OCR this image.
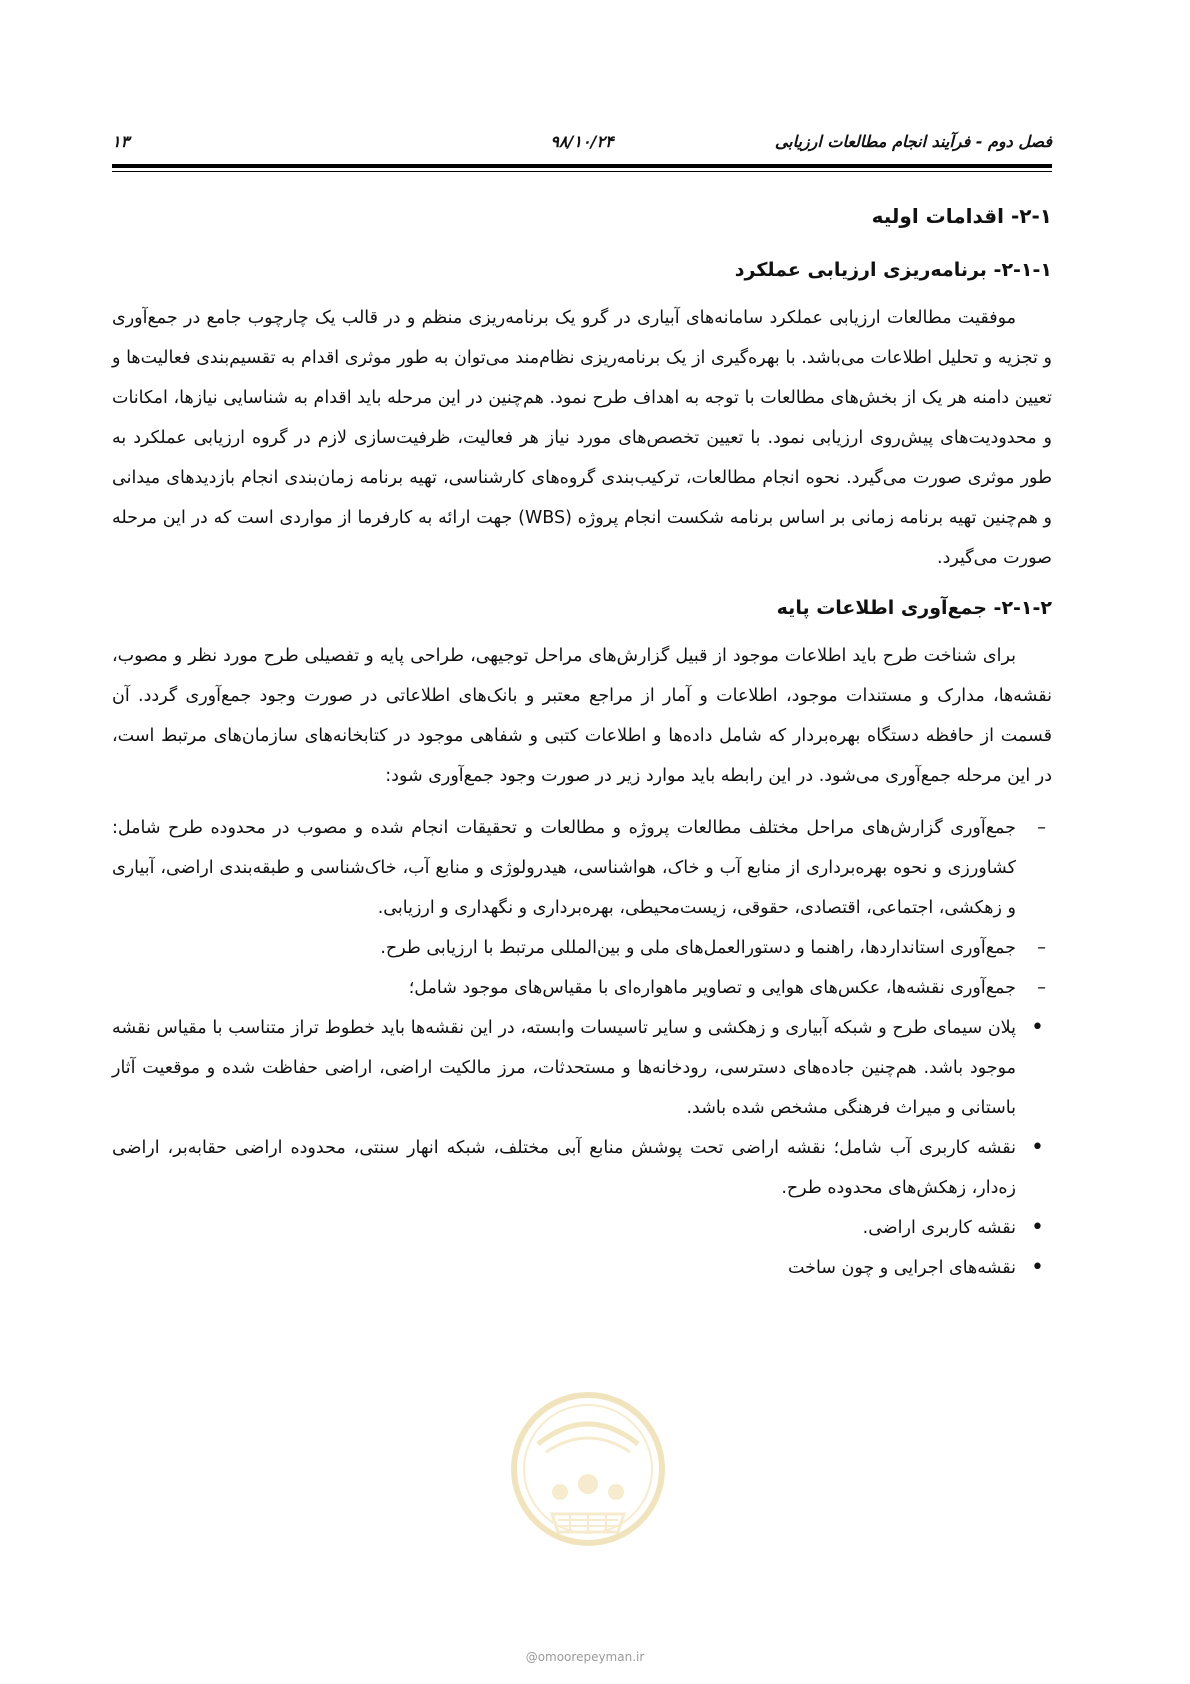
۱۳	۹۸/۱۰/۲۴	فصل دوم - فرآیند انجام مطالعات ارزیابی
۲-۱- اقدامات اولیه
۲-۱-۱- برنامه‌ریزی ارزیابی عملکرد

موفقیت مطالعات ارزیابی عملکرد سامانه‌های آبیاری در گرو یک برنامه‌ریزی منظم و در قالب یک چارچوب جامع در جمع‌آوری و تجزیه و تحلیل اطلاعات می‌باشد. با بهره‌گیری از یک برنامه‌ریزی نظام‌مند می‌توان به طور موثری اقدام به تقسیم‌بندی فعالیت‌ها و تعیین دامنه هر یک از بخش‌های مطالعات با توجه به اهداف طرح نمود. هم‌چنین در این مرحله باید اقدام به شناسایی نیازها، امکانات و محدودیت‌های پیش‌روی ارزیابی نمود. با تعیین تخصص‌های مورد نیاز هر فعالیت، ظرفیت‌سازی لازم در گروه ارزیابی عملکرد به طور موثری صورت می‌گیرد. نحوه انجام مطالعات، ترکیب‌بندی گروه‌های کارشناسی، تهیه برنامه زمان‌بندی انجام بازدیدهای میدانی و هم‌چنین تهیه برنامه زمانی بر اساس برنامه شکست انجام پروژه (WBS) جهت ارائه به کارفرما از مواردی است که در این مرحله صورت می‌گیرد.

۲-۱-۲- جمع‌آوری اطلاعات پایه

برای شناخت طرح باید اطلاعات موجود از قبیل گزارش‌های مراحل توجیهی، طراحی پایه و تفصیلی طرح مورد نظر و مصوب، نقشه‌ها، مدارک و مستندات موجود، اطلاعات و آمار از مراجع معتبر و بانک‌های اطلاعاتی در صورت وجود جمع‌آوری گردد. آن قسمت از حافظه دستگاه بهره‌بردار که شامل داده‌ها و اطلاعات کتبی و شفاهی موجود در کتابخانه‌های سازمان‌های مرتبط است، در این مرحله جمع‌آوری می‌شود. در این رابطه باید موارد زیر در صورت وجود جمع‌آوری شود:

– جمع‌آوری گزارش‌های مراحل مختلف مطالعات پروژه و مطالعات و تحقیقات انجام شده و مصوب در محدوده طرح شامل: کشاورزی و نحوه بهره‌برداری از منابع آب و خاک، هواشناسی، هیدرولوژی و منابع آب، خاک‌شناسی و طبقه‌بندی اراضی، آبیاری و زهکشی، اجتماعی، اقتصادی، حقوقی، زیست‌محیطی، بهره‌برداری و نگهداری و ارزیابی.
– جمع‌آوری استانداردها، راهنما و دستورالعمل‌های ملی و بین‌المللی مرتبط با ارزیابی طرح.
– جمع‌آوری نقشه‌ها، عکس‌های هوایی و تصاویر ماهواره‌ای با مقیاس‌های موجود شامل؛
• پلان سیمای طرح و شبکه آبیاری و زهکشی و سایر تاسیسات وابسته، در این نقشه‌ها باید خطوط تراز متناسب با مقیاس نقشه موجود باشد. هم‌چنین جاده‌های دسترسی، رودخانه‌ها و مستحدثات، مرز مالکیت اراضی، اراضی حفاظت شده و موقعیت آثار باستانی و میراث فرهنگی مشخص شده باشد.
• نقشه کاربری آب شامل؛ نقشه اراضی تحت پوشش منابع آبی مختلف، شبکه انهار سنتی، محدوده اراضی حقابه‌بر، اراضی زه‌دار، زهکش‌های محدوده طرح.
• نقشه کاربری اراضی.
• نقشه‌های اجرایی و چون ساخت
@omoorepeyman.ir
